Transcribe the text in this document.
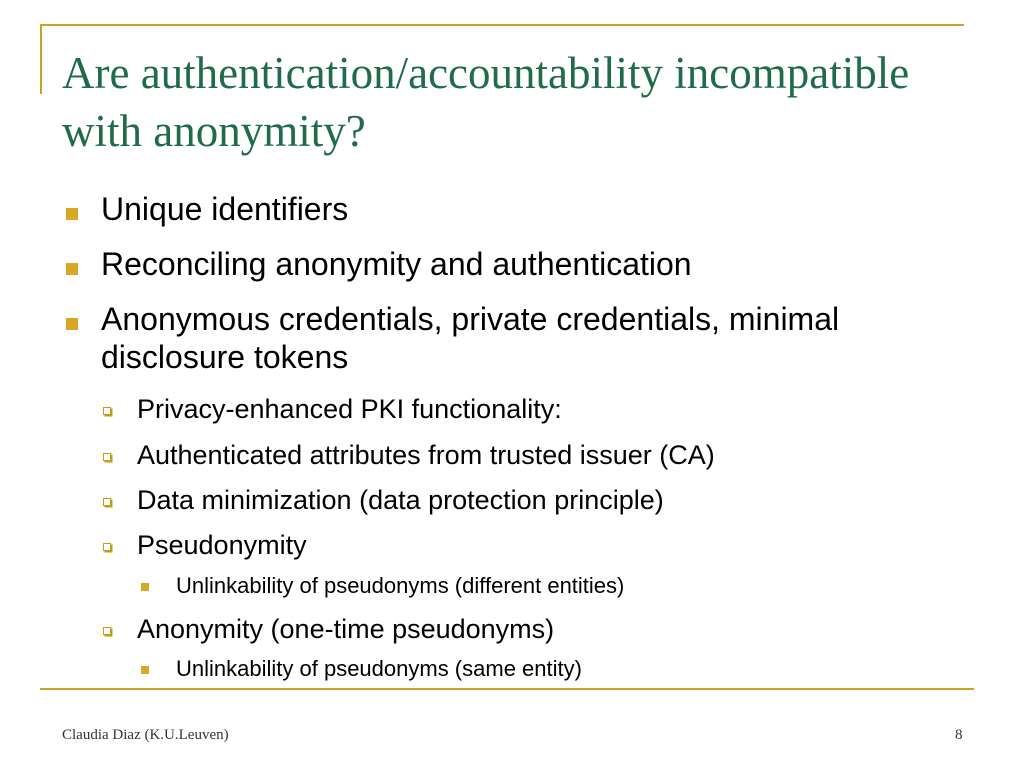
Are authentication/accountability incompatible with anonymity?
Unique identifiers
Reconciling anonymity and authentication
Anonymous credentials, private credentials, minimal disclosure tokens
Privacy-enhanced PKI functionality:
Authenticated attributes from trusted issuer (CA)
Data minimization (data protection principle)
Pseudonymity
Unlinkability of pseudonyms (different entities)
Anonymity (one-time pseudonyms)
Unlinkability of pseudonyms (same entity)
Claudia Diaz (K.U.Leuven)	8
